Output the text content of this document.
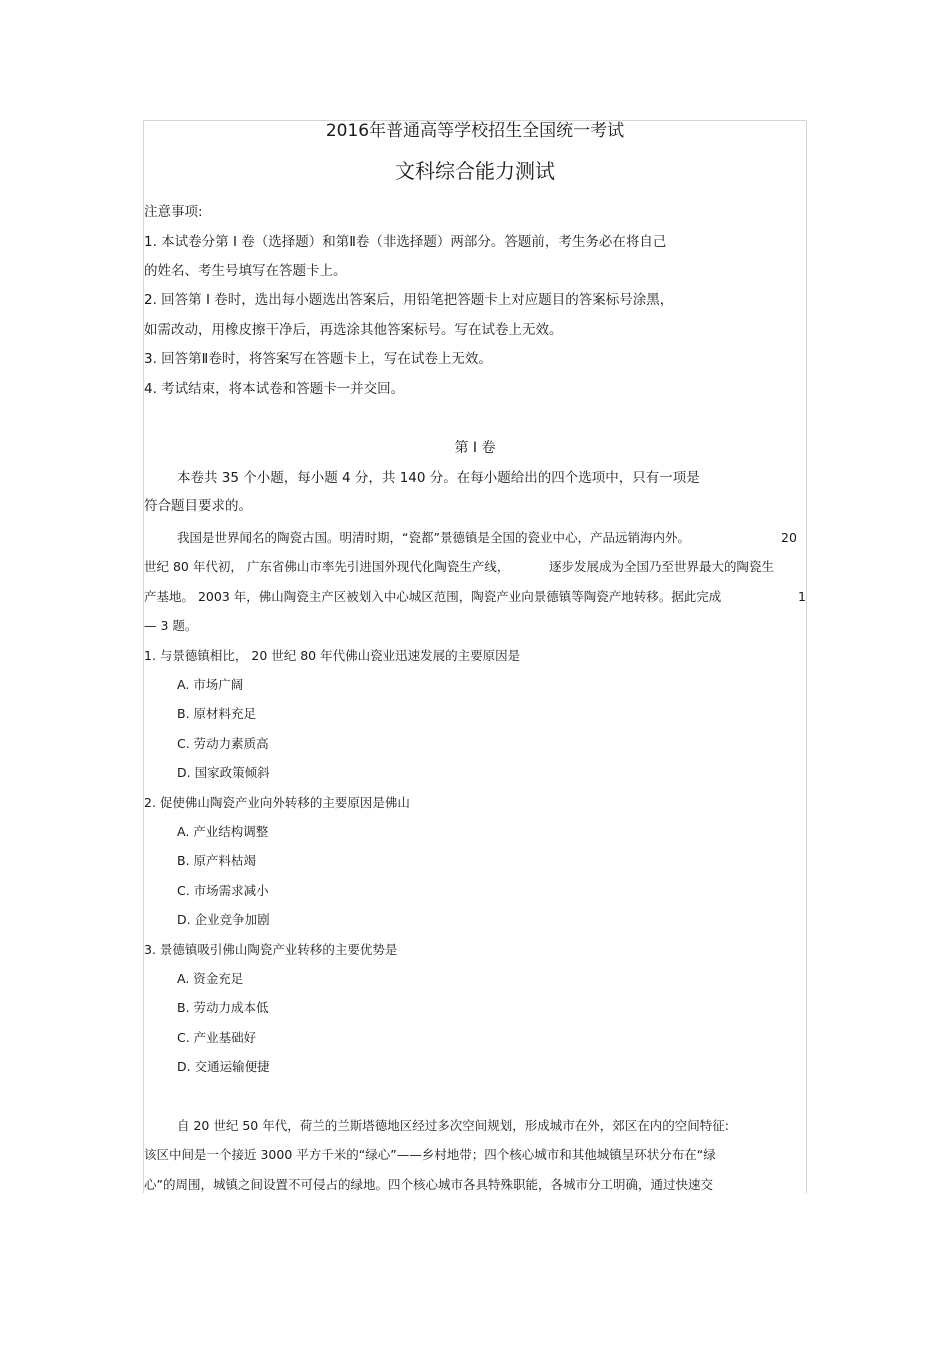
2016年普通高等学校招生全国统一考试
文科综合能力测试
注意事项:
1. 本试卷分第 I 卷（选择题）和第Ⅱ卷（非选择题）两部分。答题前，考生务必在将自己
的姓名、考生号填写在答题卡上。
2. 回答第 I 卷时，选出每小题选出答案后，用铅笔把答题卡上对应题目的答案标号涂黑，
如需改动，用橡皮擦干净后，再选涂其他答案标号。写在试卷上无效。
3. 回答第Ⅱ卷时，将答案写在答题卡上，写在试卷上无效。
4. 考试结束，将本试卷和答题卡一并交回。
第 I 卷
本卷共 35 个小题，每小题 4 分，共 140 分。在每小题给出的四个选项中，只有一项是
符合题目要求的。
我国是世界闻名的陶瓷古国。明清时期，“瓷都”景德镇是全国的瓷业中心，产品远销海内外。	20
世纪 80 年代初， 广东省佛山市率先引进国外现代化陶瓷生产线，	逐步发展成为全国乃至世界最大的陶瓷生
产基地。 2003 年，佛山陶瓷主产区被划入中心城区范围，陶瓷产业向景德镇等陶瓷产地转移。据此完成	1
— 3 题。
1. 与景德镇相比， 20 世纪 80 年代佛山瓷业迅速发展的主要原因是
A. 市场广阔
B. 原材料充足
C. 劳动力素质高
D. 国家政策倾斜
2. 促使佛山陶瓷产业向外转移的主要原因是佛山
A. 产业结构调整
B. 原产料枯竭
C. 市场需求减小
D. 企业竞争加剧
3. 景德镇吸引佛山陶瓷产业转移的主要优势是
A. 资金充足
B. 劳动力成本低
C. 产业基础好
D. 交通运输便捷
自 20 世纪 50 年代，荷兰的兰斯塔德地区经过多次空间规划，形成城市在外，郊区在内的空间特征:
该区中间是一个接近 3000 平方千米的“绿心”——乡村地带；四个核心城市和其他城镇呈环状分布在“绿
心”的周围，城镇之间设置不可侵占的绿地。四个核心城市各具特殊职能，各城市分工明确，通过快速交
